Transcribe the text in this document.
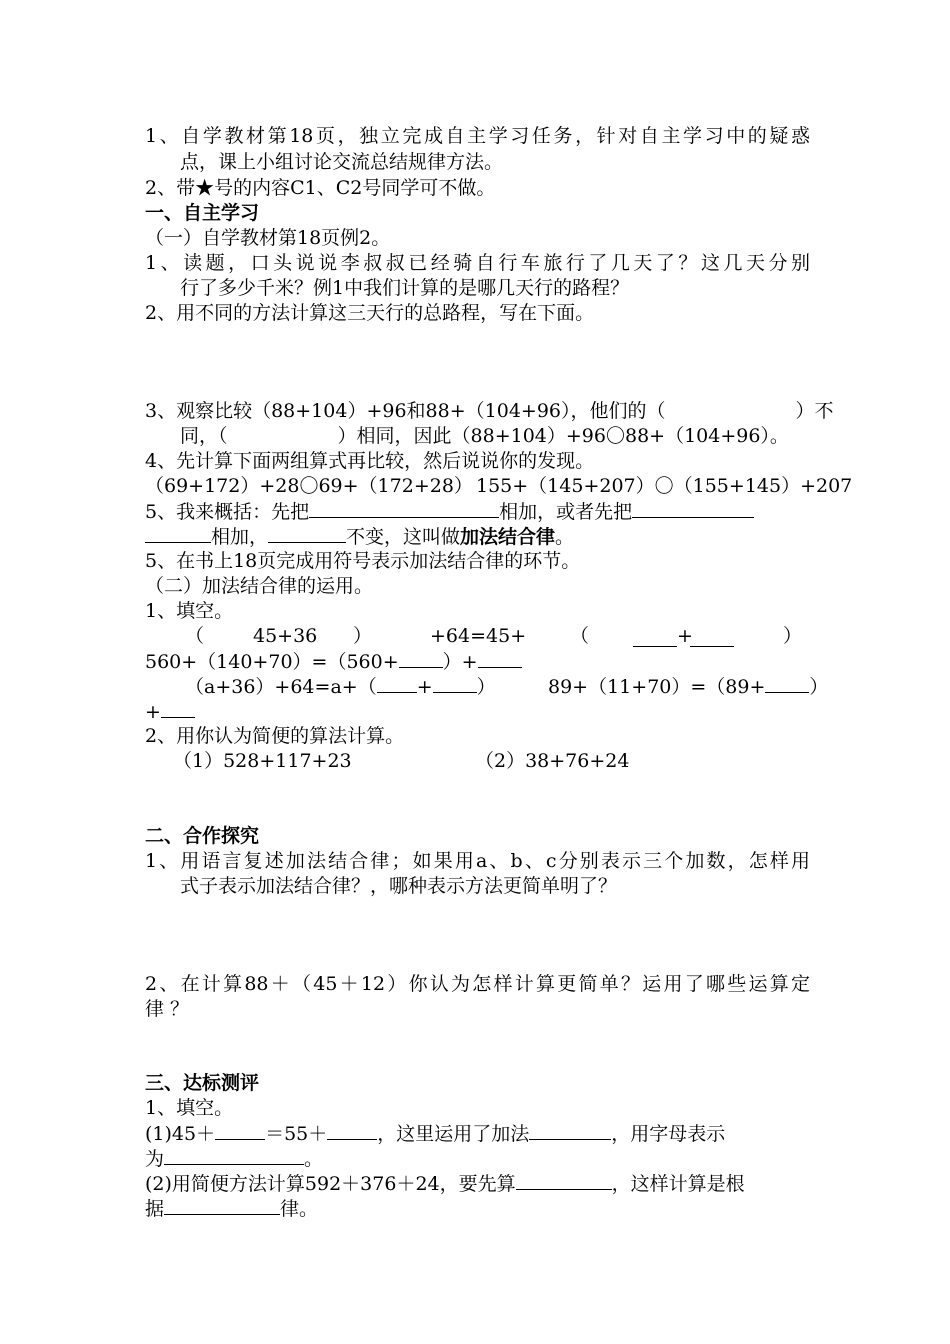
1、自学教材第18页，独立完成自主学习任务，针对自主学习中的疑惑
点，课上小组讨论交流总结规律方法。
2、带★号的内容C1、C2号同学可不做。
一、自主学习
（一）自学教材第18页例2。
1、读题，口头说说李叔叔已经骑自行车旅行了几天了？这几天分别
行了多少千米？例1中我们计算的是哪几天行的路程？
2、用不同的方法计算这三天行的总路程，写在下面。
3、观察比较（88+104）+96和88+（104+96），他们的（	）不
同，（	）相同，因此（88+104）+96〇88+（104+96）。
4、先计算下面两组算式再比较，然后说说你的发现。
（69+172）+28〇69+（172+28） 155+（145+207）〇（155+145）+207
5、我来概括：先把	相加，或者先把
相加，	不变，这叫做加法结合律。
5、在书上18页完成用符号表示加法结合律的环节。
（二）加法结合律的运用。
1、填空。
（	45+36 ）	+64=45+ （	+	）
560+（140+70）=（560+ ）+
（a+36）+64=a+（ + ）	89+（11+70）=（89+ ）
+
2、用你认为简便的算法计算。
（1）528+117+23	（2）38+76+24
二、合作探究
1、用语言复述加法结合律；如果用a、b、c分别表示三个加数，怎样用
式子表示加法结合律？，哪种表示方法更简单明了？
2、在计算88＋（45＋12）你认为怎样计算更简单？运用了哪些运算定
律 ？
三、达标测评
1、填空。
(1)45＋	＝55＋	，这里运用了加法	，用字母表示
为	。
(2)用简便方法计算592＋376＋24，要先算	，这样计算是根
据	律。
